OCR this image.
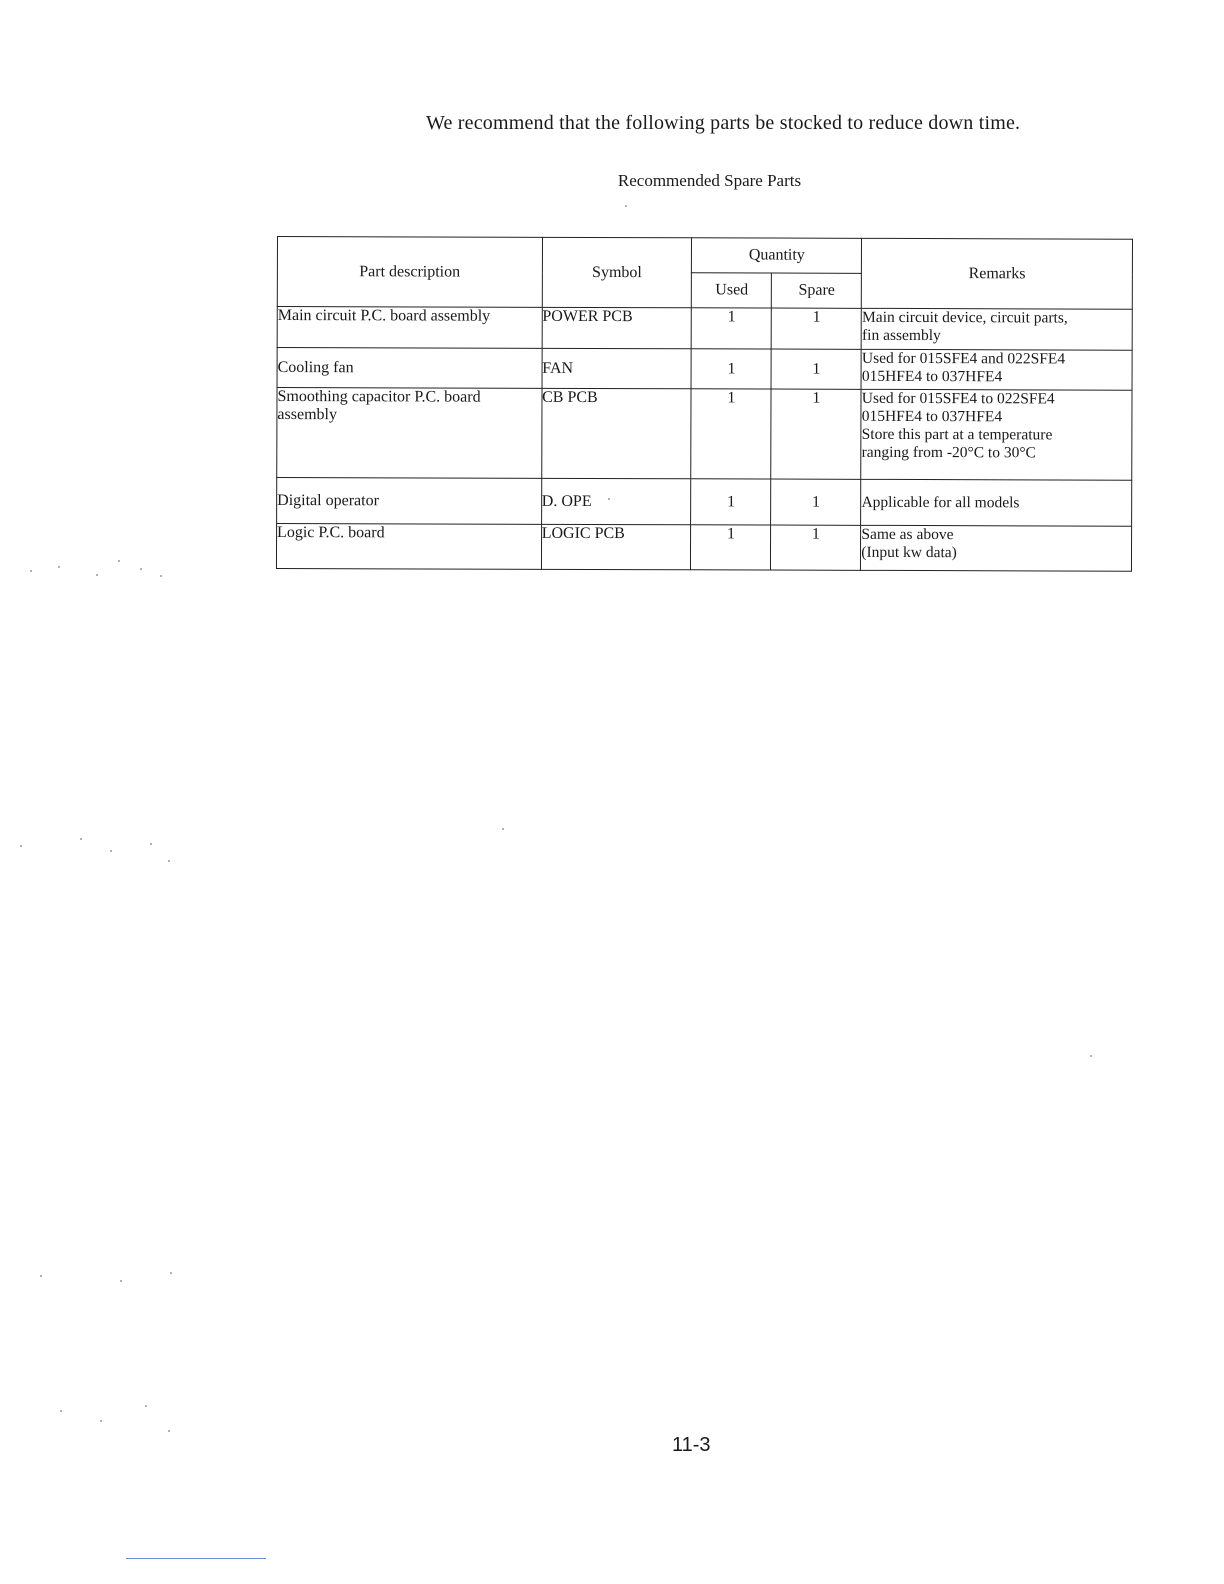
We recommend that the following parts be stocked to reduce down time.
Recommended Spare Parts
Part description	Symbol	Quantity		Remarks
		Used	Spare	
Main circuit P.C. board assembly	POWER PCB	1	1	Main circuit device, circuit parts,
fin assembly

Cooling fan	FAN	1	1	Used for 015SFE4 and 022SFE4
015HFE4 to 037HFE4

Smoothing capacitor P.C. board assembly	CB PCB	1	1	Used for 015SFE4 to 022SFE4
015HFE4 to 037HFE4
Store this part at a temperature
ranging from -20°C to 30°C

Digital operator	D. OPE	1	1	Applicable for all models

Logic P.C. board	LOGIC PCB	1	1	Same as above
(Input kw data)
11-3
